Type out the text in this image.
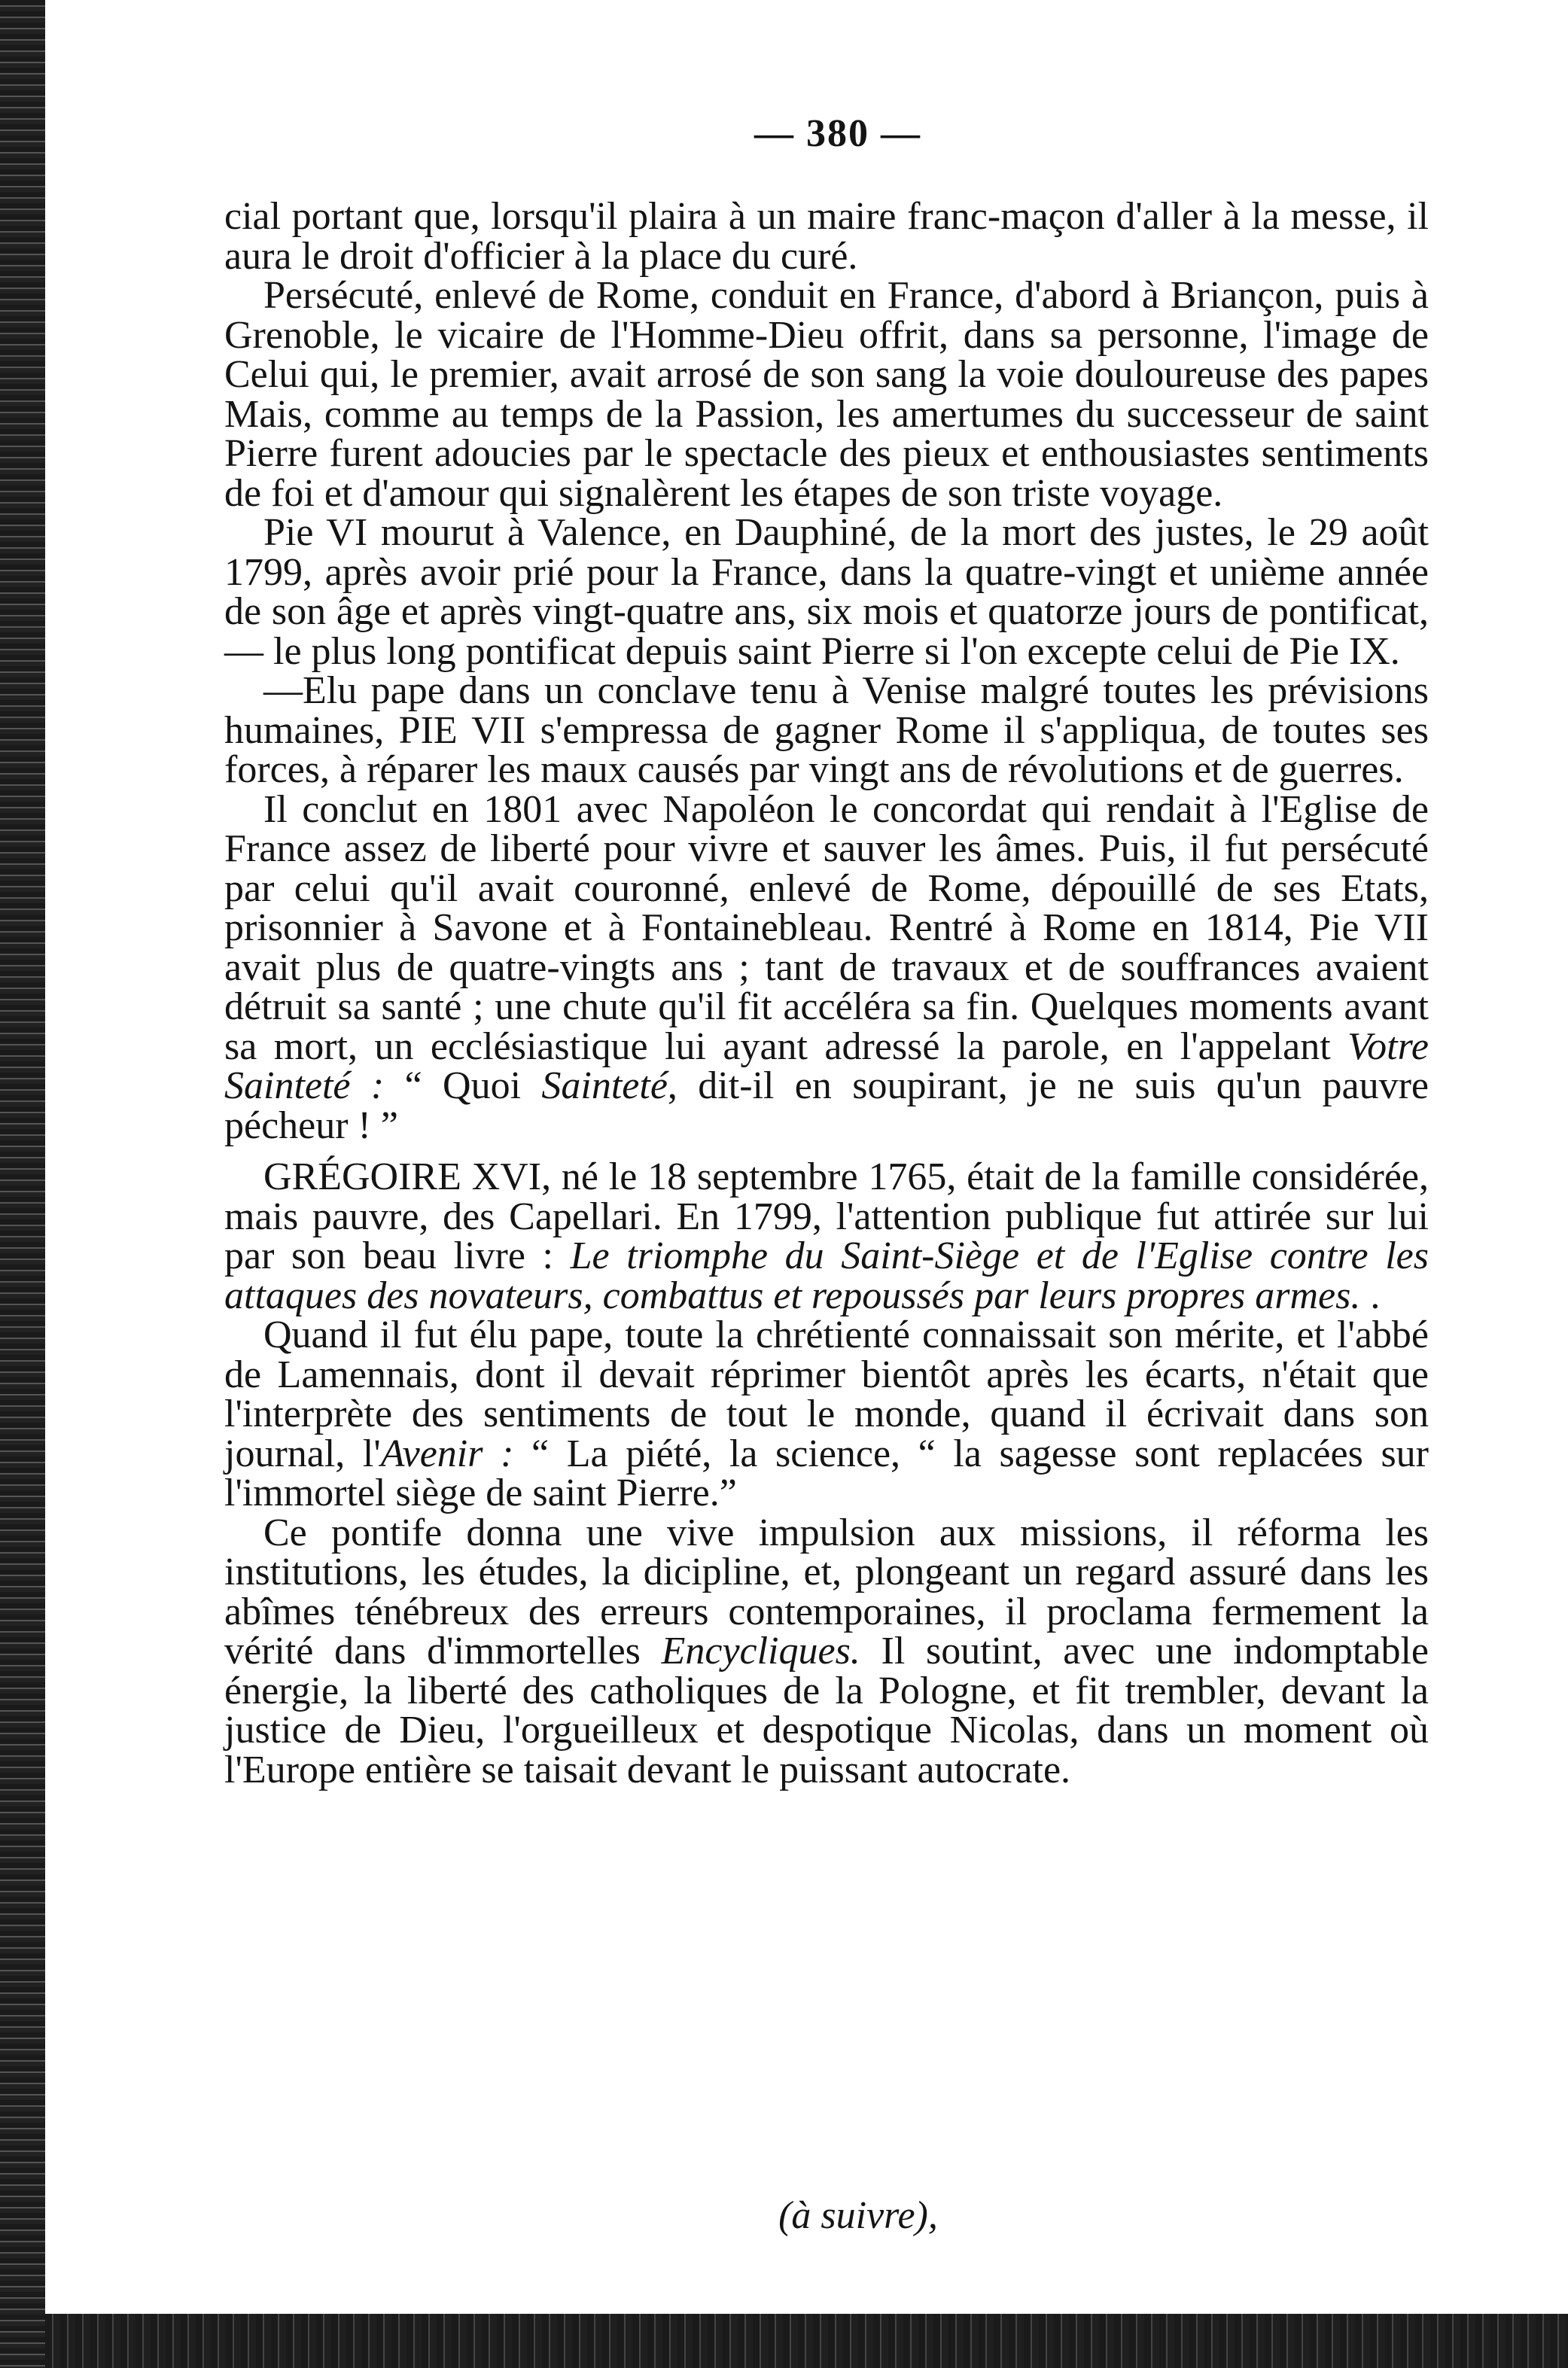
— 380 —

cial portant que, lorsqu'il plaira à un maire franc-maçon d'aller à la messe, il aura le droit d'officier à la place du curé.

Persécuté, enlevé de Rome, conduit en France, d'abord à Briançon, puis à Grenoble, le vicaire de l'Homme-Dieu offrit, dans sa personne, l'image de Celui qui, le premier, avait arrosé de son sang la voie douloureuse des papes Mais, comme au temps de la Passion, les amertumes du successeur de saint Pierre furent adoucies par le spectacle des pieux et enthousiastes sentiments de foi et d'amour qui signalèrent les étapes de son triste voyage.

Pie VI mourut à Valence, en Dauphiné, de la mort des justes, le 29 août 1799, après avoir prié pour la France, dans la quatre-vingt et unième année de son âge et après vingt-quatre ans, six mois et quatorze jours de pontificat, — le plus long pontificat depuis saint Pierre si l'on excepte celui de Pie IX.

—Elu pape dans un conclave tenu à Venise malgré toutes les prévisions humaines, PIE VII s'empressa de gagner Rome il s'appliqua, de toutes ses forces, à réparer les maux causés par vingt ans de révolutions et de guerres.

Il conclut en 1801 avec Napoléon le concordat qui rendait à l'Eglise de France assez de liberté pour vivre et sauver les âmes. Puis, il fut persécuté par celui qu'il avait couronné, enlevé de Rome, dépouillé de ses Etats, prisonnier à Savone et à Fontainebleau. Rentré à Rome en 1814, Pie VII avait plus de quatre-vingts ans ; tant de travaux et de souffrances avaient détruit sa santé ; une chute qu'il fit accéléra sa fin. Quelques moments avant sa mort, un ecclésiastique lui ayant adressé la parole, en l'appelant Votre Sainteté : “ Quoi Sainteté, dit-il en soupirant, je ne suis qu'un pauvre pécheur ! ”

GRÉGOIRE XVI, né le 18 septembre 1765, était de la famille considérée, mais pauvre, des Capellari. En 1799, l'attention publique fut attirée sur lui par son beau livre : Le triomphe du Saint-Siège et de l'Eglise contre les attaques des novateurs, combattus et repoussés par leurs propres armes. .

Quand il fut élu pape, toute la chrétienté connaissait son mérite, et l'abbé de Lamennais, dont il devait réprimer bientôt après les écarts, n'était que l'interprète des sentiments de tout le monde, quand il écrivait dans son journal, l'Avenir : “ La piété, la science, “ la sagesse sont replacées sur l'immortel siège de saint Pierre.”

Ce pontife donna une vive impulsion aux missions, il réforma les institutions, les études, la dicipline, et, plongeant un regard assuré dans les abîmes ténébreux des erreurs contemporaines, il proclama fermement la vérité dans d'immortelles Encycliques. Il soutint, avec une indomptable énergie, la liberté des catholiques de la Pologne, et fit trembler, devant la justice de Dieu, l'orgueilleux et despotique Nicolas, dans un moment où l'Europe entière se taisait devant le puissant autocrate.

(à suivre),
